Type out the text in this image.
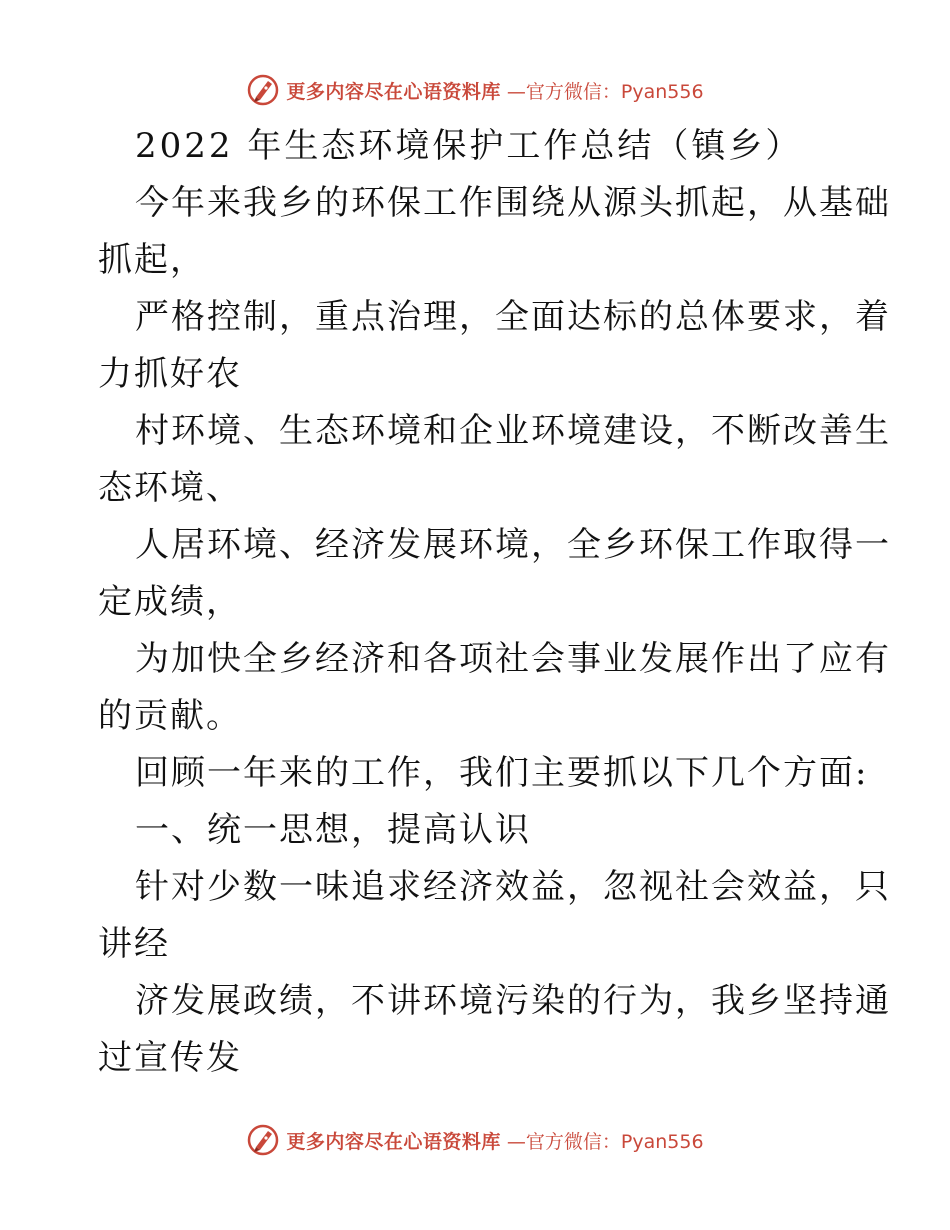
更多内容尽在心语资料库 —官方微信：Pyan556
2022 年生态环境保护工作总结（镇乡）
今年来我乡的环保工作围绕从源头抓起，从基础
抓起，
严格控制，重点治理，全面达标的总体要求，着
力抓好农
村环境、生态环境和企业环境建设，不断改善生
态环境、
人居环境、经济发展环境，全乡环保工作取得一
定成绩，
为加快全乡经济和各项社会事业发展作出了应有
的贡献。
回顾一年来的工作，我们主要抓以下几个方面:
一、统一思想，提高认识
针对少数一味追求经济效益，忽视社会效益，只
讲经
济发展政绩，不讲环境污染的行为，我乡坚持通
过宣传发
更多内容尽在心语资料库 —官方微信：Pyan556
